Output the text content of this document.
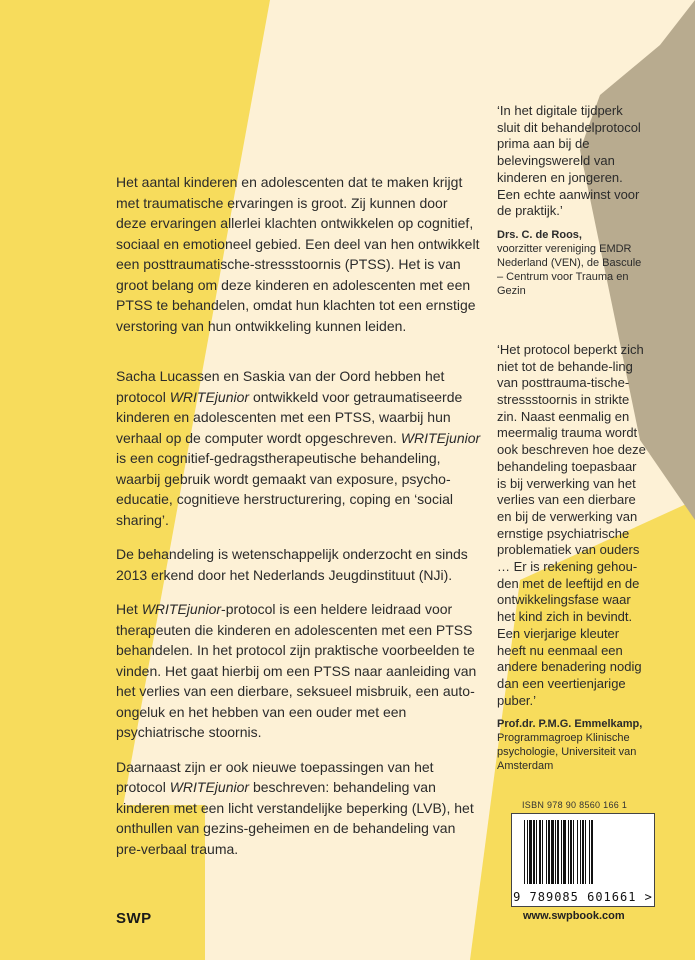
Het aantal kinderen en adolescenten dat te maken krijgt met traumatische ervaringen is groot. Zij kunnen door deze ervaringen allerlei klachten ontwikkelen op cognitief, sociaal en emotioneel gebied. Een deel van hen ontwikkelt een posttraumatische-stressstoornis (PTSS). Het is van groot belang om deze kinderen en adolescenten met een PTSS te behandelen, omdat hun klachten tot een ernstige verstoring van hun ontwikkeling kunnen leiden.

Sacha Lucassen en Saskia van der Oord hebben het protocol WRITEjunior ontwikkeld voor getraumatiseerde kinderen en adolescenten met een PTSS, waarbij hun verhaal op de computer wordt opgeschreven. WRITEjunior is een cognitief-gedragstherapeutische behandeling, waarbij gebruik wordt gemaakt van exposure, psycho-educatie, cognitieve herstructurering, coping en ‘social sharing’.

De behandeling is wetenschappelijk onderzocht en sinds 2013 erkend door het Nederlands Jeugdinstituut (NJi).

Het WRITEjunior-protocol is een heldere leidraad voor therapeuten die kinderen en adolescenten met een PTSS behandelen. In het protocol zijn praktische voorbeelden te vinden. Het gaat hierbij om een PTSS naar aanleiding van het verlies van een dierbare, seksueel misbruik, een auto-ongeluk en het hebben van een ouder met een psychiatrische stoornis.

Daarnaast zijn er ook nieuwe toepassingen van het protocol WRITEjunior beschreven: behandeling van kinderen met een licht verstandelijke beperking (LVB), het onthullen van gezins-geheimen en de behandeling van pre-verbaal trauma.

‘In het digitale tijdperk sluit dit behandelprotocol prima aan bij de belevingswereld van kinderen en jongeren. Een echte aanwinst voor de praktijk.’

Drs. C. de Roos,
voorzitter vereniging EMDR Nederland (VEN), de Bascule – Centrum voor Trauma en Gezin

‘Het protocol beperkt zich niet tot de behande-ling van posttrauma-tische-stressstoornis in strikte zin. Naast eenmalig en meermalig trauma wordt ook beschreven hoe deze behandeling toepasbaar is bij verwerking van het verlies van een dierbare en bij de verwerking van ernstige psychiatrische problematiek van ouders … Er is rekening gehou-den met de leeftijd en de ontwikkelingsfase waar het kind zich in bevindt. Een vierjarige kleuter heeft nu eenmaal een andere benadering nodig dan een veertienjarige puber.’

Prof.dr. P.M.G. Emmelkamp,
Programmagroep Klinische psychologie, Universiteit van Amsterdam

ISBN 978 90 8560 166 1
9 789085 601661 >
www.swpbook.com
SWP
